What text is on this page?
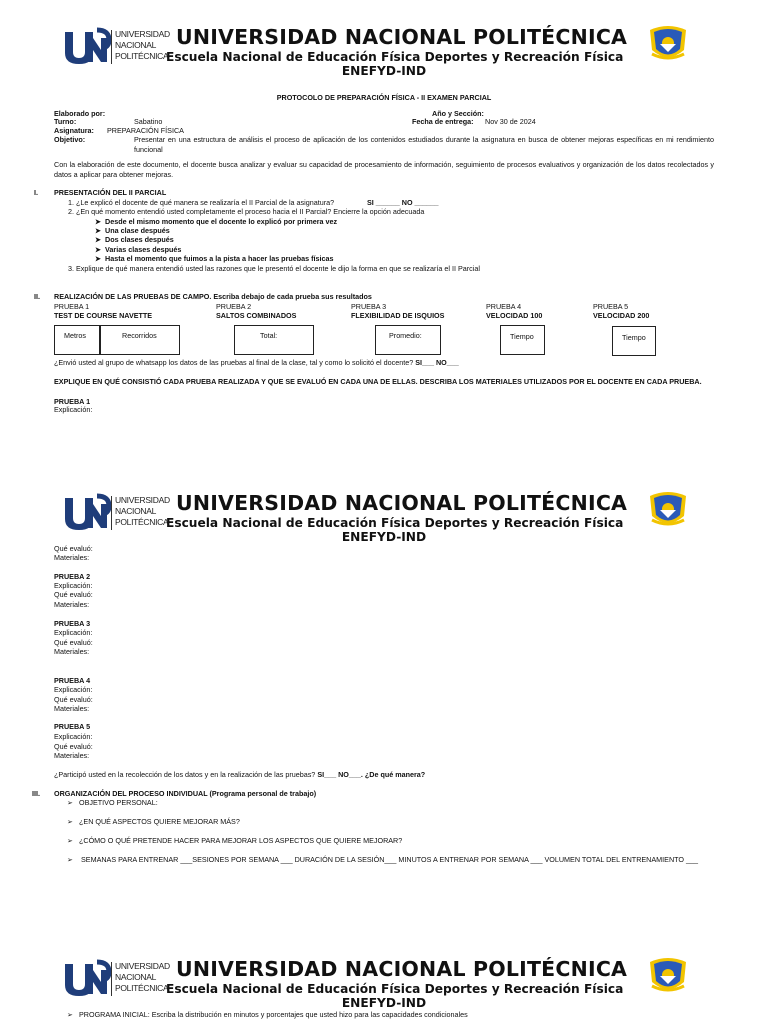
UNIVERSIDAD
NACIONAL
POLITÉCNICA
UNIVERSIDAD NACIONAL POLITÉCNICA
Escuela Nacional de Educación Física Deportes y Recreación Física
ENEFYD-IND
UNIVERSIDAD
NACIONAL
POLITÉCNICA
UNIVERSIDAD NACIONAL POLITÉCNICA
Escuela Nacional de Educación Física Deportes y Recreación Física
ENEFYD-IND
UNIVERSIDAD
NACIONAL
POLITÉCNICA
UNIVERSIDAD NACIONAL POLITÉCNICA
Escuela Nacional de Educación Física Deportes y Recreación Física
ENEFYD-IND
PROTOCOLO DE PREPARACIÓN FÍSICA - II EXAMEN PARCIAL
Elaborado por:	Año y Sección:
Turno:	Sabatino	Fecha de entrega: Nov 30 de 2024
Asignatura: PREPARACIÓN FÍSICA
Objetivo:	Presentar en una estructura de análisis el proceso de aplicación de los contenidos estudiados durante la asignatura en busca de obtener mejoras específicas en mi rendimiento funcional
Con la elaboración de este documento, el docente busca analizar y evaluar su capacidad de procesamiento de información, seguimiento de procesos evaluativos y organización de los datos recolectados y datos a aplicar para obtener mejoras.
I. PRESENTACIÓN DEL II PARCIAL
1. ¿Le explicó el docente de qué manera se realizaría el II Parcial de la asignatura?	SI ______ NO ______
2. ¿En qué momento entendió usted completamente el proceso hacia el II Parcial? Encierre la opción adecuada
➤  Desde el mismo momento que el docente lo explicó por primera vez
➤  Una clase después
➤  Dos clases después
➤  Varias clases después
➤  Hasta el momento que fuimos a la pista a hacer las pruebas físicas
3. Explique de qué manera entendió usted las razones que le presentó el docente le dijo la forma en que se realizaría el II Parcial
II. REALIZACIÓN DE LAS PRUEBAS DE CAMPO. Escriba debajo de cada prueba sus resultados
PRUEBA 1
TEST DE COURSE NAVETTE
PRUEBA 2
SALTOS COMBINADOS
PRUEBA 3
FLEXIBILIDAD DE ISQUIOS
PRUEBA 4
VELOCIDAD 100
PRUEBA 5
VELOCIDAD 200
Metros	Recorridos	Total:	Promedio:	Tiempo	Tiempo
¿Envió usted al grupo de whatsapp los datos de las pruebas al final de la clase, tal y como lo solicitó el docente? SI___ NO___
EXPLIQUE EN QUÉ CONSISTIÓ CADA PRUEBA REALIZADA Y QUE SE EVALUÓ EN CADA UNA DE ELLAS. DESCRIBA LOS MATERIALES UTILIZADOS POR EL DOCENTE EN CADA PRUEBA.
PRUEBA 1
Explicación:
Qué evaluó:
Materiales:
PRUEBA 2
Explicación:
Qué evaluó:
Materiales:
PRUEBA 3
Explicación:
Qué evaluó:
Materiales:
PRUEBA 4
Explicación:
Qué evaluó:
Materiales:
PRUEBA 5
Explicación:
Qué evaluó:
Materiales:
¿Participó usted en la recolección de los datos y en la realización de las pruebas? SI___ NO___. ¿De qué manera?
III. ORGANIZACIÓN DEL PROCESO INDIVIDUAL (Programa personal de trabajo)
➢   OBJETIVO PERSONAL:
➢   ¿EN QUÉ ASPECTOS QUIERE MEJORAR MÁS?
➢   ¿CÓMO O QUÉ PRETENDE HACER PARA MEJORAR LOS ASPECTOS QUE QUIERE MEJORAR?
➢ SEMANAS PARA ENTRENAR ___SESIONES POR SEMANA ___ DURACIÓN DE LA SESIÓN___ MINUTOS A ENTRENAR POR SEMANA ___ VOLUMEN TOTAL DEL ENTRENAMIENTO ___
➢   PROGRAMA INICIAL: Escriba la distribución en minutos y porcentajes que usted hizo para las capacidades condicionales
